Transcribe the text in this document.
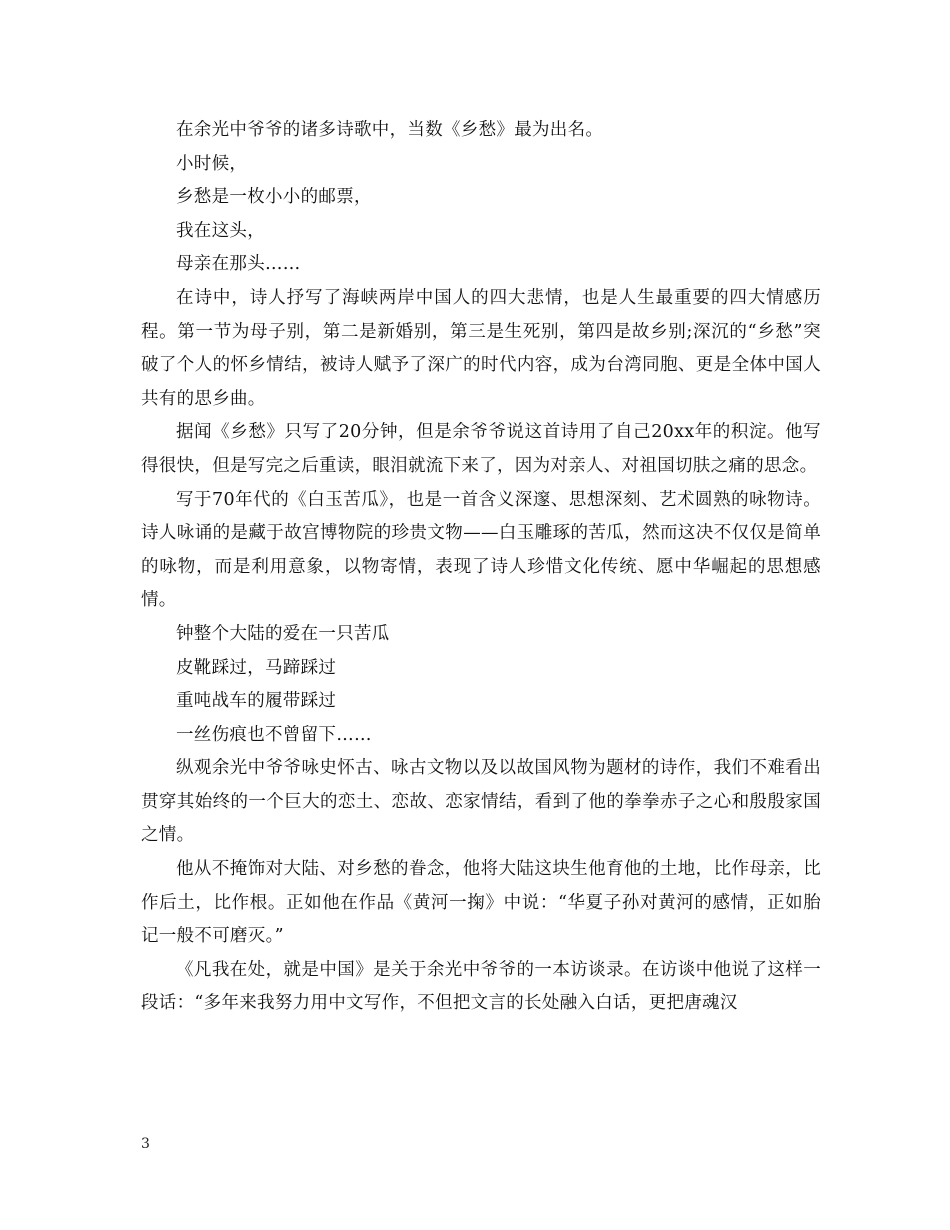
在余光中爷爷的诸多诗歌中，当数《乡愁》最为出名。

小时候，

乡愁是一枚小小的邮票，

我在这头，

母亲在那头……

在诗中，诗人抒写了海峡两岸中国人的四大悲情，也是人生最重要的四大情感历程。第一节为母子别，第二是新婚别，第三是生死别，第四是故乡别;深沉的“乡愁”突破了个人的怀乡情结，被诗人赋予了深广的时代内容，成为台湾同胞、更是全体中国人共有的思乡曲。

据闻《乡愁》只写了20分钟，但是余爷爷说这首诗用了自己20xx年的积淀。他写得很快，但是写完之后重读，眼泪就流下来了，因为对亲人、对祖国切肤之痛的思念。

写于70年代的《白玉苦瓜》，也是一首含义深邃、思想深刻、艺术圆熟的咏物诗。诗人咏诵的是藏于故宫博物院的珍贵文物——白玉雕琢的苦瓜，然而这决不仅仅是简单的咏物，而是利用意象，以物寄情，表现了诗人珍惜文化传统、愿中华崛起的思想感情。

钟整个大陆的爱在一只苦瓜

皮靴踩过，马蹄踩过

重吨战车的履带踩过

一丝伤痕也不曾留下……

纵观余光中爷爷咏史怀古、咏古文物以及以故国风物为题材的诗作，我们不难看出贯穿其始终的一个巨大的恋土、恋故、恋家情结，看到了他的拳拳赤子之心和殷殷家国之情。

他从不掩饰对大陆、对乡愁的眷念，他将大陆这块生他育他的土地，比作母亲，比作后土，比作根。正如他在作品《黄河一掬》中说：“华夏子孙对黄河的感情，正如胎记一般不可磨灭。”

《凡我在处，就是中国》是关于余光中爷爷的一本访谈录。在访谈中他说了这样一段话：“多年来我努力用中文写作，不但把文言的长处融入白话，更把唐魂汉

3
